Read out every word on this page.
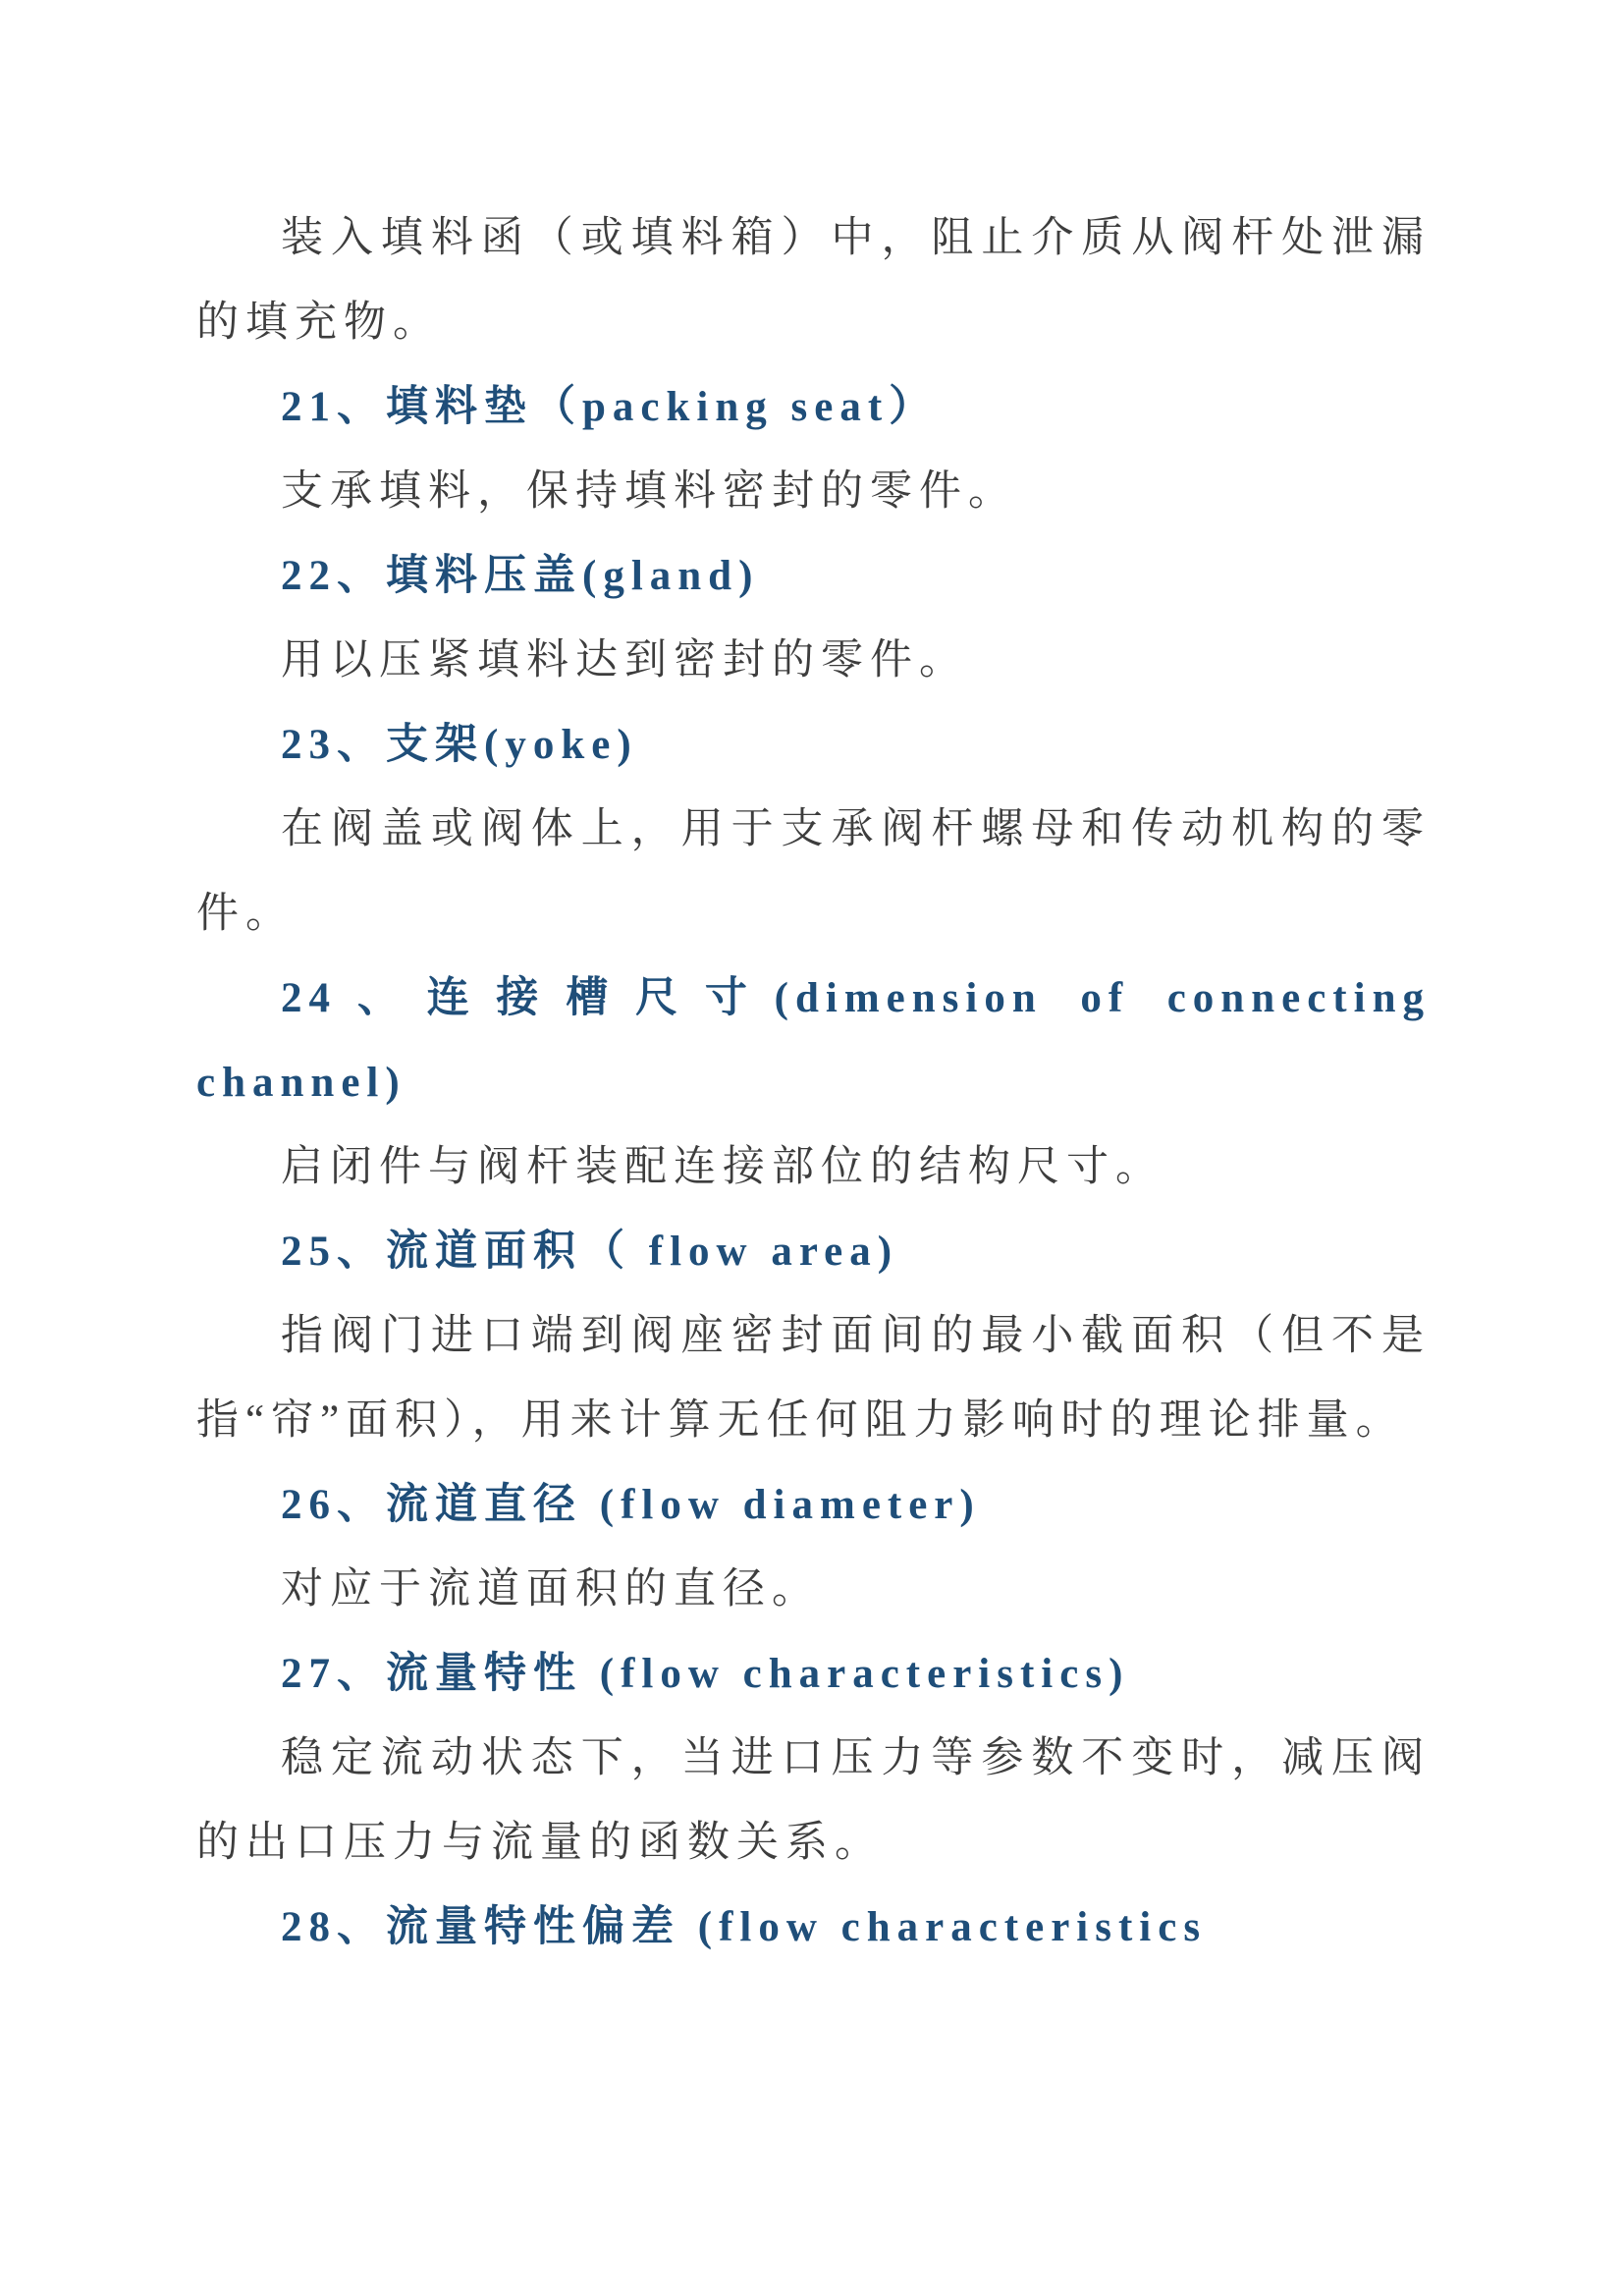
装入填料函（或填料箱）中，阻止介质从阀杆处泄漏的填充物。

21、填料垫（packing seat）

支承填料，保持填料密封的零件。

22、填料压盖(gland)

用以压紧填料达到密封的零件。

23、支架(yoke)

在阀盖或阀体上，用于支承阀杆螺母和传动机构的零件。

24、连接槽尺寸(dimension of connecting channel)

启闭件与阀杆装配连接部位的结构尺寸。

25、流道面积（ flow area)

指阀门进口端到阀座密封面间的最小截面积（但不是指“帘”面积），用来计算无任何阻力影响时的理论排量。

26、流道直径 (flow diameter)

对应于流道面积的直径。

27、流量特性 (flow characteristics)

稳定流动状态下，当进口压力等参数不变时，减压阀的出口压力与流量的函数关系。

28、流量特性偏差 (flow characteristics
